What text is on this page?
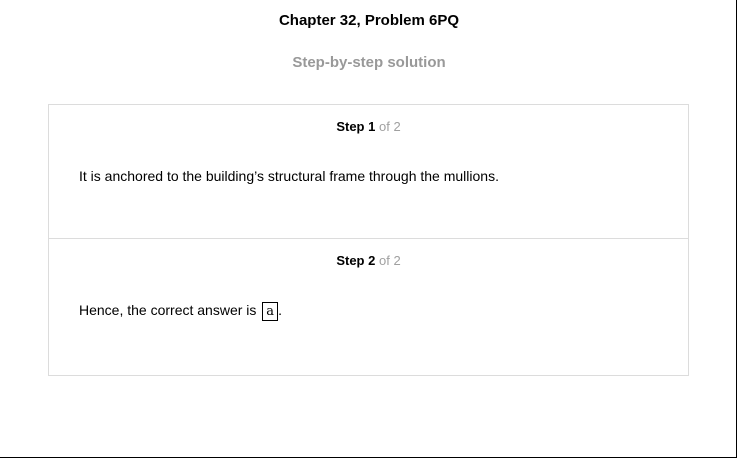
Chapter 32, Problem 6PQ
Step-by-step solution
Step 1 of 2
It is anchored to the building’s structural frame through the mullions.
Step 2 of 2
Hence, the correct answer is a .
